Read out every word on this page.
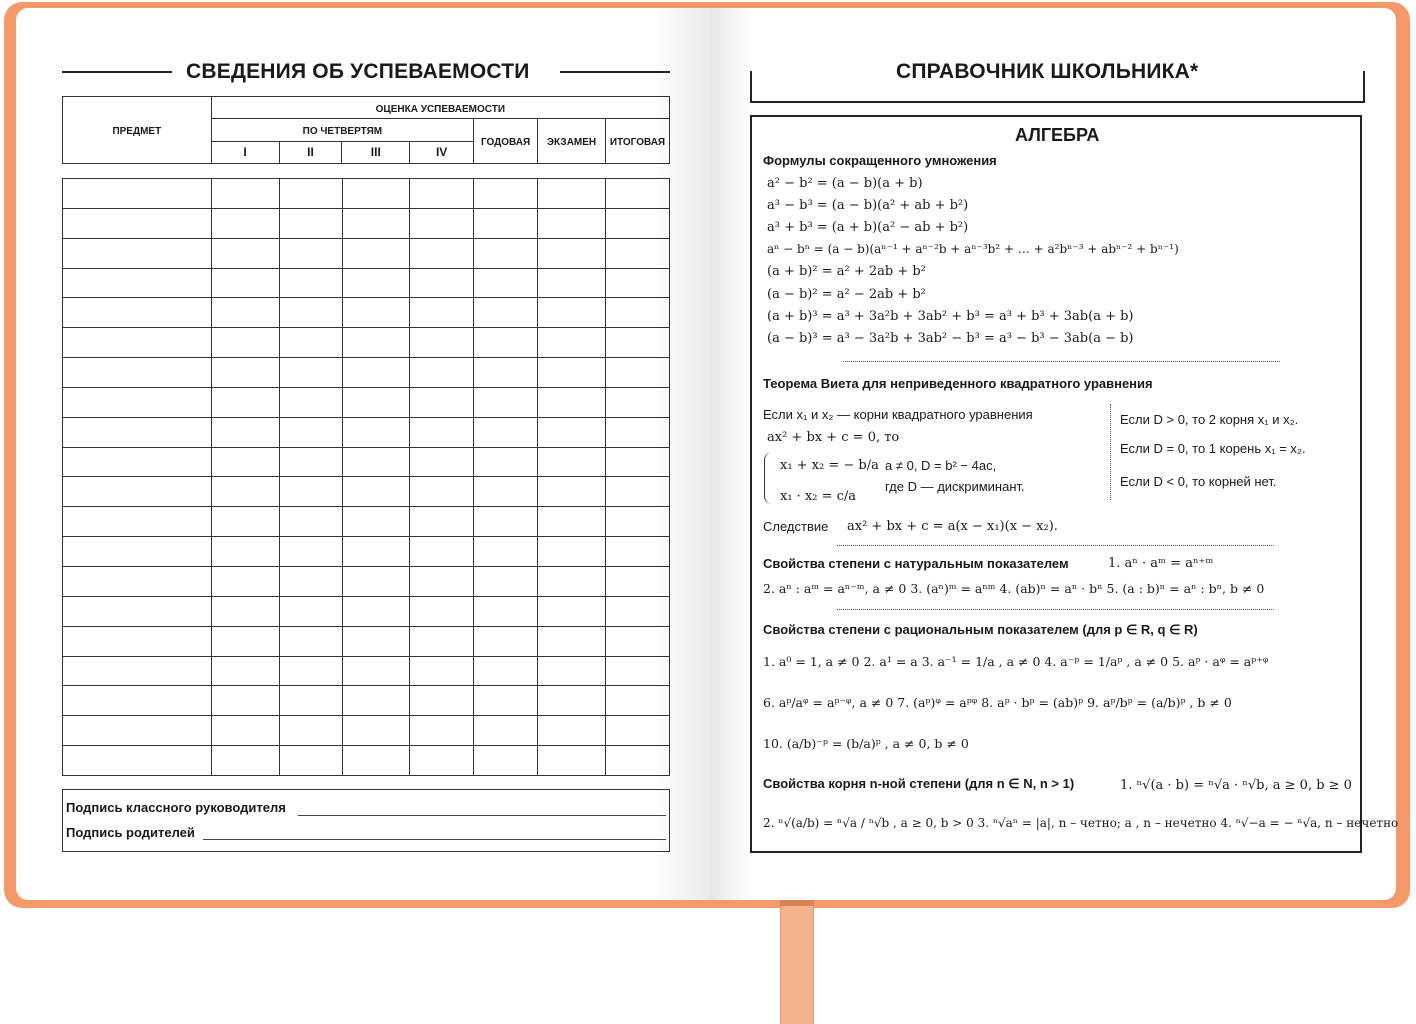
СВЕДЕНИЯ ОБ УСПЕВАЕМОСТИ
ПРЕДМЕТ	ОЦЕНКА УСПЕВАЕМОСТИ						
	ПО ЧЕТВЕРТЯМ				ГОДОВАЯ	ЭКЗАМЕН	ИТОГОВАЯ
	I	II	III	IV			

Подпись классного руководителя
Подпись родителей
СПРАВОЧНИК ШКОЛЬНИКА*
АЛГЕБРА
Формулы сокращенного умножения
a² − b² = (a − b)(a + b)
a³ − b³ = (a − b)(a² + ab + b²)
a³ + b³ = (a + b)(a² − ab + b²)
aⁿ − bⁿ = (a − b)(aⁿ⁻¹ + aⁿ⁻²b + aⁿ⁻³b² + … + a²bⁿ⁻³ + abⁿ⁻² + bⁿ⁻¹)
(a + b)² = a² + 2ab + b²
(a − b)² = a² − 2ab + b²
(a + b)³ = a³ + 3a²b + 3ab² + b³ = a³ + b³ + 3ab(a + b)
(a − b)³ = a³ − 3a²b + 3ab² − b³ = a³ − b³ − 3ab(a − b)
Теорема Виета для неприведенного квадратного уравнения
Если x₁ и x₂ — корни квадратного уравнения
ax² + bx + c = 0, то
x₁ + x₂ = − b/a
x₁ · x₂ = c/a
a ≠ 0, D = b² − 4ac,
где D — дискриминант.
Если D > 0, то 2 корня x₁ и x₂.
Если D = 0, то 1 корень x₁ = x₂.
Если D < 0, то корней нет.
Следствие ax² + bx + c = a(x − x₁)(x − x₂).
Свойства степени с натуральным показателем	1. aⁿ · aᵐ = aⁿ⁺ᵐ
2. aⁿ : aᵐ = aⁿ⁻ᵐ, a ≠ 0 3. (aⁿ)ᵐ = aⁿᵐ 4. (ab)ⁿ = aⁿ · bⁿ 5. (a : b)ⁿ = aⁿ : bⁿ, b ≠ 0
Свойства степени с рациональным показателем (для p ∈ R, q ∈ R)
1. a⁰ = 1, a ≠ 0 2. a¹ = a 3. a⁻¹ = 1/a , a ≠ 0 4. a⁻ᵖ = 1/aᵖ , a ≠ 0 5. aᵖ · aᵠ = aᵖ⁺ᵠ
6. aᵖ/aᵠ = aᵖ⁻ᵠ, a ≠ 0 7. (aᵖ)ᵠ = aᵖᵠ 8. aᵖ · bᵖ = (ab)ᵖ 9. aᵖ/bᵖ = (a/b)ᵖ , b ≠ 0
10. (a/b)⁻ᵖ = (b/a)ᵖ , a ≠ 0, b ≠ 0
Свойства корня n-ной степени (для n ∈ N, n > 1)	1. ⁿ√(a · b) = ⁿ√a · ⁿ√b, a ≥ 0, b ≥ 0
2. ⁿ√(a/b) = ⁿ√a / ⁿ√b , a ≥ 0, b > 0 3. ⁿ√aⁿ = |a|, n – четно; a , n – нечетно 4. ⁿ√−a = − ⁿ√a, n – нечетно
